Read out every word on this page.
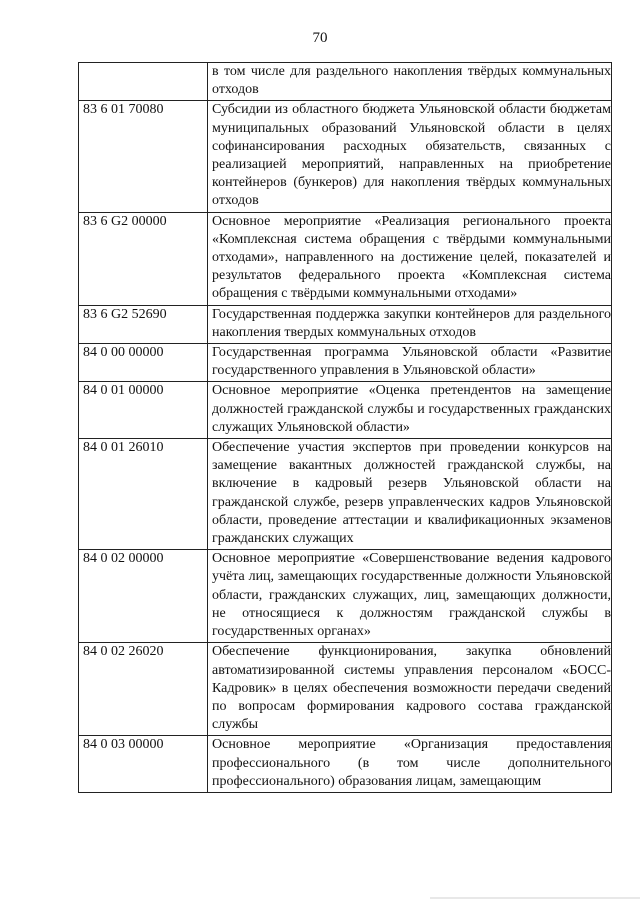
70
	в том числе для раздельного накопления твёрдых коммунальных отходов
83 6 01 70080	Субсидии из областного бюджета Ульяновской области бюджетам муниципальных образований Ульяновской области в целях софинансирования расходных обязательств, связанных с реализацией мероприятий, направленных на приобретение контейнеров (бункеров) для накопления твёрдых коммунальных отходов
83 6 G2 00000	Основное мероприятие «Реализация регионального проекта «Комплексная система обращения с твёрдыми коммунальными отходами», направленного на достижение целей, показателей и результатов федерального проекта «Комплексная система обращения с твёрдыми коммунальными отходами»
83 6 G2 52690	Государственная поддержка закупки контейнеров для раздельного накопления твердых коммунальных отходов
84 0 00 00000	Государственная программа Ульяновской области «Развитие государственного управления в Ульяновской области»
84 0 01 00000	Основное мероприятие «Оценка претендентов на замещение должностей гражданской службы и государственных гражданских служащих Ульяновской области»
84 0 01 26010	Обеспечение участия экспертов при проведении конкурсов на замещение вакантных должностей гражданской службы, на включение в кадровый резерв Ульяновской области на гражданской службе, резерв управленческих кадров Ульяновской области, проведение аттестации и квалификационных экзаменов гражданских служащих
84 0 02 00000	Основное мероприятие «Совершенствование ведения кадрового учёта лиц, замещающих государственные должности Ульяновской области, гражданских служащих, лиц, замещающих должности, не относящиеся к должностям гражданской службы в государственных органах»
84 0 02 26020	Обеспечение функционирования, закупка обновлений автоматизированной системы управления персоналом «БОСС-Кадровик» в целях обеспечения возможности передачи сведений по вопросам формирования кадрового состава гражданской службы
84 0 03 00000	Основное мероприятие «Организация предоставления профессионального (в том числе дополнительного профессионального) образования лицам, замещающим
